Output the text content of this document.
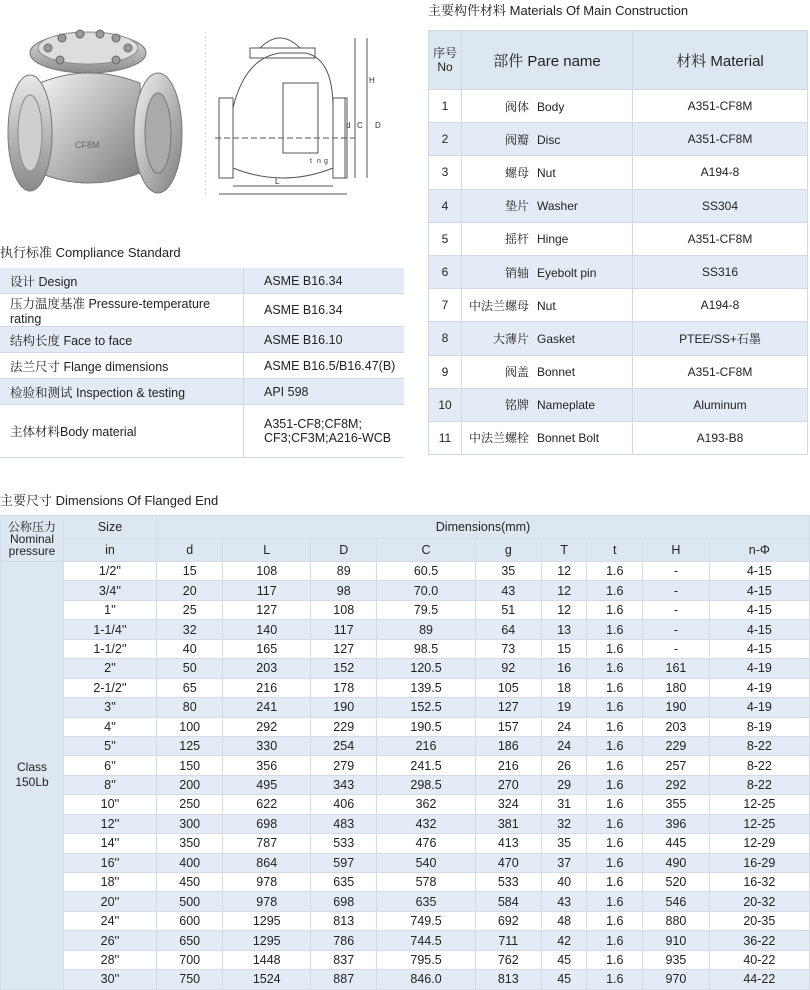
CF8M
H
L
d C D
t n g
主要构件材料 Materials Of Main Construction
序号 No	部件 Pare name	材料 Material
1	阀体 Body	A351-CF8M
2	阀瓣 Disc	A351-CF8M
3	螺母 Nut	A194-8
4	垫片 Washer	SS304
5	摇杆 Hinge	A351-CF8M
6	销轴 Eyebolt pin	SS316
7	中法兰螺母 Nut	A194-8
8	大薄片 Gasket	PTEE/SS+石墨
9	阀盖 Bonnet	A351-CF8M
10	铭牌 Nameplate	Aluminum
11	中法兰螺栓 Bonnet Bolt	A193-B8
执行标准 Compliance Standard
设计 Design	ASME B16.34
压力温度基准 Pressure-temperature rating	ASME B16.34
结构长度 Face to face	ASME B16.10
法兰尺寸 Flange dimensions	ASME B16.5/B16.47(B)
检验和测试 Inspection & testing	API 598
主体材料Body material	A351-CF8;CF8M; CF3;CF3M;A216-WCB
主要尺寸 Dimensions Of Flanged End
公称压力 Nominal pressure	Size	Dimensions(mm)								
	in	d	L	D	C	g	T	t	H	n-Φ
Class 150Lb	1/2''	15	108	89	60.5	35	12	1.6	-	4-15
	3/4''	20	117	98	70.0	43	12	1.6	-	4-15
	1''	25	127	108	79.5	51	12	1.6	-	4-15
	1-1/4''	32	140	117	89	64	13	1.6	-	4-15
	1-1/2''	40	165	127	98.5	73	15	1.6	-	4-15
	2''	50	203	152	120.5	92	16	1.6	161	4-19
	2-1/2''	65	216	178	139.5	105	18	1.6	180	4-19
	3''	80	241	190	152.5	127	19	1.6	190	4-19
	4''	100	292	229	190.5	157	24	1.6	203	8-19
	5''	125	330	254	216	186	24	1.6	229	8-22
	6''	150	356	279	241.5	216	26	1.6	257	8-22
	8''	200	495	343	298.5	270	29	1.6	292	8-22
	10''	250	622	406	362	324	31	1.6	355	12-25
	12''	300	698	483	432	381	32	1.6	396	12-25
	14''	350	787	533	476	413	35	1.6	445	12-29
	16''	400	864	597	540	470	37	1.6	490	16-29
	18''	450	978	635	578	533	40	1.6	520	16-32
	20''	500	978	698	635	584	43	1.6	546	20-32
	24''	600	1295	813	749.5	692	48	1.6	880	20-35
	26''	650	1295	786	744.5	711	42	1.6	910	36-22
	28''	700	1448	837	795.5	762	45	1.6	935	40-22
	30''	750	1524	887	846.0	813	45	1.6	970	44-22
